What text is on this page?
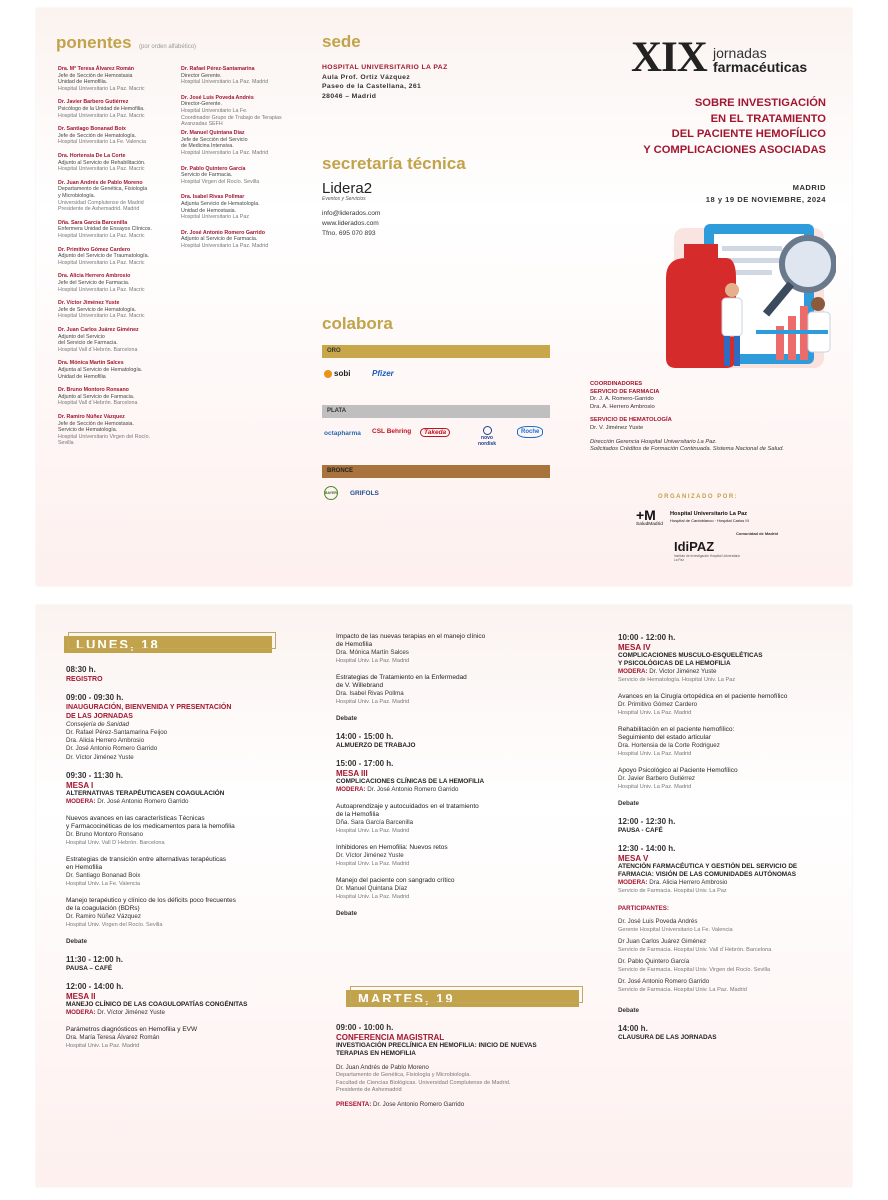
ponentes (por orden alfabético)
Dra. Mª Teresa Álvarez Román
Jefe de Sección de Hemostasia
Unidad de Hemofilia.
Hospital Universitario La Paz. Macric
Dr. Javier Barbero Gutiérrez
Psicólogo de la Unidad de Hemofilia.
Hospital Universitario La Paz. Macric
Dr. Santiago Bonanad Boix
Jefe de Sección de Hematología.
Hospital Universitario La Fe. Valencia
Dra. Hortensia De La Corte
Adjunto al Servicio de Rehabilitación.
Hospital Universitario La Paz. Macric
Dr. Juan Andrés de Pablo Moreno
Departamento de Genética, Fisiología
y Microbiología.
Universidad Complutense de Madrid
Presidente de Ashemadrid. Madrid
Dña. Sara García Barcenilla
Enfermera Unidad de Ensayos Clínicos.
Hospital Universitario La Paz. Macric
Dr. Primitivo Gómez Cardero
Adjunto del Servicio de Traumatología.
Hospital Universitario La Paz. Macric
Dra. Alicia Herrero Ambrosio
Jefe del Servicio de Farmacia.
Hospital Universitario La Paz. Macric
Dr. Víctor Jiménez Yuste
Jefe de Servicio de Hematología.
Hospital Universitario La Paz. Macric
Dr. Juan Carlos Juárez Giménez
Adjunto del Servicio
del Servicio de Farmacia.
Hospital Vall d´Hebrón. Barcelona
Dra. Mónica Martín Salces
Adjunta al Servicio de Hematología.
Unidad de Hemofilia
Dr. Bruno Montoro Ronsano
Adjunto al Servicio de Farmacia.
Hospital Vall d´Hebrón. Barcelona
Dr. Ramiro Núñez Vázquez
Jefe de Sección de Hemostasia.
Servicio de Hematología.
Hospital Universitario Virgen del Rocío.
Sevilla
Dr. Rafael Pérez-Santamarina
Director Gerente.
Hospital Universitario La Paz. Madrid
Dr. José Luis Poveda Andrés
Director-Gerente.
Hospital Universitario La Fe.
Coordinador Grupo de Trabajo de Terapias Avanzadas SEFH
Dr. Manuel Quintana Díaz
Jefe de Sección del Servicio
de Medicina Intensiva.
Hospital Universitario La Paz. Madrid
Dr. Pablo Quintero García
Servicio de Farmacia.
Hospital Virgen del Rocío. Sevilla
Dra. Isabel Rivas Pollmar
Adjunta Servicio de Hematología.
Unidad de Hemostasia.
Hospital Universitario La Paz
Dr. José Antonio Romero Garrido
Adjunto al Servicio de Farmacia.
Hospital Universitario La Paz. Madrid
sede
HOSPITAL UNIVERSITARIO LA PAZ
Aula Prof. Ortiz Vázquez
Paseo de la Castellana, 261
28046 – Madrid
secretaría técnica
Lidera2
Eventos y Servicios
info@liderados.com
www.liderados.com
Tfno. 695 070 893
colabora
ORO
sobi	Pfizer
PLATA
octapharma CSL Behring	Takeda
novo nordisk
Roche
BRONCE
BAYER GRIFOLS
XIX jornadas
farmacéuticas
SOBRE INVESTIGACIÓN
EN EL TRATAMIENTO
DEL PACIENTE HEMOFÍLICO
Y COMPLICACIONES ASOCIADAS
MADRID
18 y 19 DE NOVIEMBRE, 2024
COORDINADORES
SERVICIO DE FARMACIA
Dr. J. A. Romero-Garrido
Dra. A. Herrero Ambrosio
SERVICIO DE HEMATOLOGÍA
Dr. V. Jiménez Yuste
Dirección Gerencia Hospital Universitario La Paz.
Solicitados Créditos de Formación Continuada. Sistema Nacional de Salud.
ORGANIZADO POR:
+M
SaludMadrid
Hospital Universitario La Paz
Hospital de Cantoblanco · Hospital Carlos III
Comunidad de Madrid
IdiPAZ
Instituto de Investigación Hospital Universitario La Paz
LUNES, 18
MARTES, 19
08:30 h.
REGISTRO
09:00 - 09:30 h.
INAUGURACIÓN, BIENVENIDA Y PRESENTACIÓN
DE LAS JORNADAS
Consejería de Sanidad
Dr. Rafael Pérez-Santamarina Feijoo
Dra. Alicia Herrero Ambrosio
Dr. José Antonio Romero Garrido
Dr. Víctor Jiménez Yuste
09:30 - 11:30 h.
MESA I
ALTERNATIVAS TERAPÉUTICASEN COAGULACIÓN
MODERA: Dr. José Antonio Romero Garrido
Nuevos avances en las características Técnicas
y Farmacocinéticas de los medicamentos para la hemofilia
Dr. Bruno Montoro Ronsano
Hospital Univ. Vall D´Hebrón. Barcelona
Estrategias de transición entre alternativas terapéuticas
en Hemofilia
Dr. Santiago Bonanad Boix
Hospital Univ. La Fe. Valencia
Manejo terapéutico y clínico de los déficits poco frecuentes
de la coagulación (BDRs)
Dr. Ramiro Núñez Vázquez
Hospital Univ. Virgen del Rocío. Sevilla
Debate
11:30 - 12:00 h.
PAUSA – CAFÉ
12:00 - 14:00 h.
MESA II
MANEJO CLÍNICO DE LAS COAGULOPATÍAS CONGÉNITAS
MODERA: Dr. Víctor Jiménez Yuste
Parámetros diagnósticos en Hemofilia y EVW
Dra. María Teresa Álvarez Román
Hospital Univ. La Paz. Madrid
Impacto de las nuevas terapias en el manejo clínico
de Hemofilia
Dra. Mónica Martín Salces
Hospital Univ. La Paz. Madrid
Estrategias de Tratamiento en la Enfermedad
de V. Willebrand
Dra. Isabel Rivas Pollma
Hospital Univ. La Paz. Madrid
Debate
14:00 - 15:00 h.
ALMUERZO DE TRABAJO
15:00 - 17:00 h.
MESA III
COMPLICACIONES CLÍNICAS DE LA HEMOFILIA
MODERA: Dr. José Antonio Romero Garrido
Autoaprendizaje y autocuidados en el tratamiento
de la Hemofilia
Dña. Sara García Barcenilla
Hospital Univ. La Paz. Madrid
Inhibidores en Hemofilia: Nuevos retos
Dr. Víctor Jiménez Yuste
Hospital Univ. La Paz. Madrid
Manejo del paciente con sangrado crítico
Dr. Manuel Quintana Díaz
Hospital Univ. La Paz. Madrid
Debate
09:00 - 10:00 h.
CONFERENCIA MAGISTRAL
INVESTIGACIÓN PRECLÍNICA EN HEMOFILIA: INICIO DE NUEVAS
TERAPIAS EN HEMOFILIA
Dr. Juan Andrés de Pablo Moreno
Departamento de Genética, Fisiología y Microbiología.
Facultad de Ciencias Biológicas. Universidad Complutense de Madrid.
Presidente de Ashemadrid
PRESENTA: Dr. Jose Antonio Romero Garrido
10:00 - 12:00 h.
MESA IV
COMPLICACIONES MUSCULO-ESQUELÉTICAS
Y PSICOLÓGICAS DE LA HEMOFILIA
MODERA: Dr. Victor Jiménez Yuste
Servicio de Hematología. Hospital Univ. La Paz
Avances en la Cirugía ortopédica en el paciente hemofílico
Dr. Primitivo Gómez Cardero
Hospital Univ. La Paz. Madrid
Rehabilitación en el paciente hemofílico:
Seguimiento del estado articular
Dra. Hortensia de la Corte Rodriguez
Hospital Univ. La Paz. Madrid
Apoyo Psicológico al Paciente Hemofílico
Dr. Javier Barbero Gutiérrez
Hospital Univ. La Paz. Madrid
Debate
12:00 - 12:30 h.
PAUSA - CAFÉ
12:30 - 14:00 h.
MESA V
ATENCIÓN FARMACÉUTICA Y GESTIÓN DEL SERVICIO DE
FARMACIA: VISIÓN DE LAS COMUNIDADES AUTÓNOMAS
MODERA: Dra. Alicia Herrero Ambrosio
Servicio de Farmacia. Hospital Univ. La Paz
PARTICIPANTES:
Dr. José Luis Poveda Andrés
Gerente Hospital Universitario La Fe. Valencia
Dr Juan Carlos Juárez Giménez
Servicio de Farmacia. Hospital Univ. Vall d´Hebrón. Barcelona
Dr. Pablo Quintero García
Servicio de Farmacia. Hospital Univ. Virgen del Rocío. Sevilla
Dr. José Antonio Romero Garrido
Servicio de Farmacia. Hospital Univ. La Paz. Madrid
Debate
14:00 h.
CLAUSURA DE LAS JORNADAS
